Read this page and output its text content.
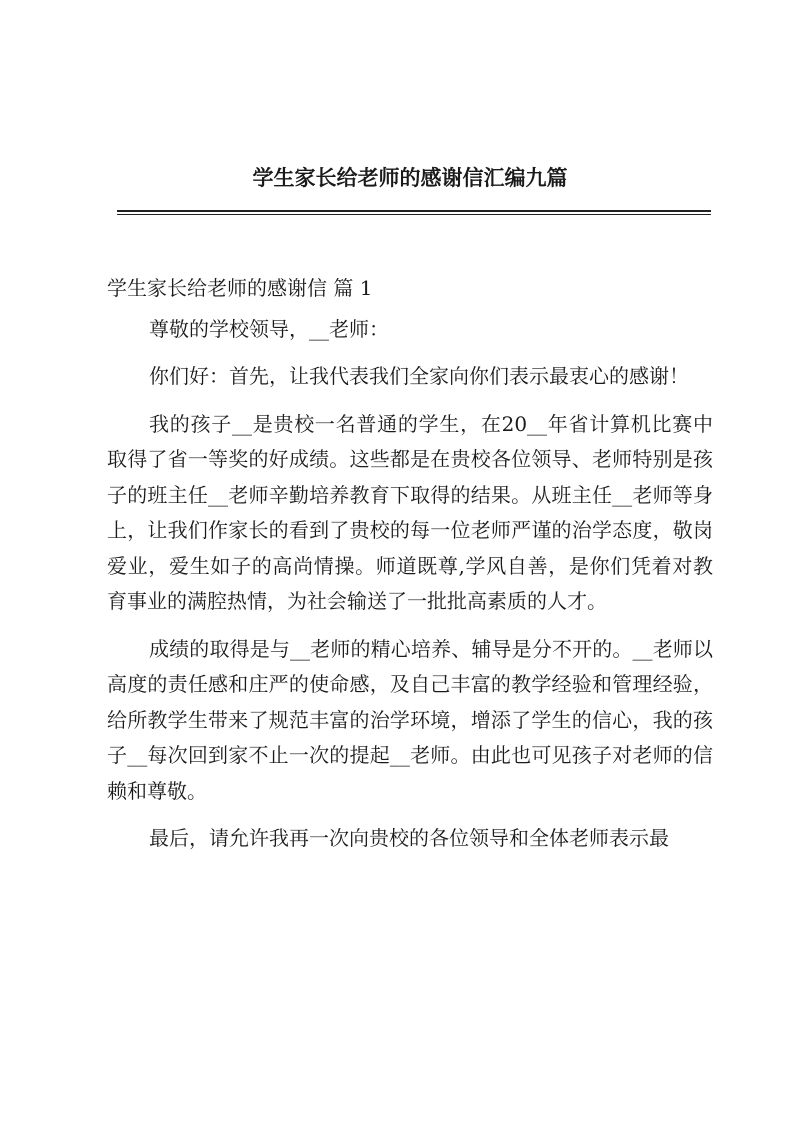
学生家长给老师的感谢信汇编九篇

学生家长给老师的感谢信 篇 1

尊敬的学校领导，__老师：

你们好：首先，让我代表我们全家向你们表示最衷心的感谢！

我的孩子__是贵校一名普通的学生，在20__年省计算机比赛中取得了省一等奖的好成绩。这些都是在贵校各位领导、老师特别是孩子的班主任__老师辛勤培养教育下取得的结果。从班主任__老师等身上，让我们作家长的看到了贵校的每一位老师严谨的治学态度，敬岗爱业，爱生如子的高尚情操。师道既尊,学风自善，是你们凭着对教育事业的满腔热情，为社会输送了一批批高素质的人才。

成绩的取得是与__老师的精心培养、辅导是分不开的。__老师以高度的责任感和庄严的使命感，及自己丰富的教学经验和管理经验，给所教学生带来了规范丰富的治学环境，增添了学生的信心，我的孩子__每次回到家不止一次的提起__老师。由此也可见孩子对老师的信赖和尊敬。

最后，请允许我再一次向贵校的各位领导和全体老师表示最
